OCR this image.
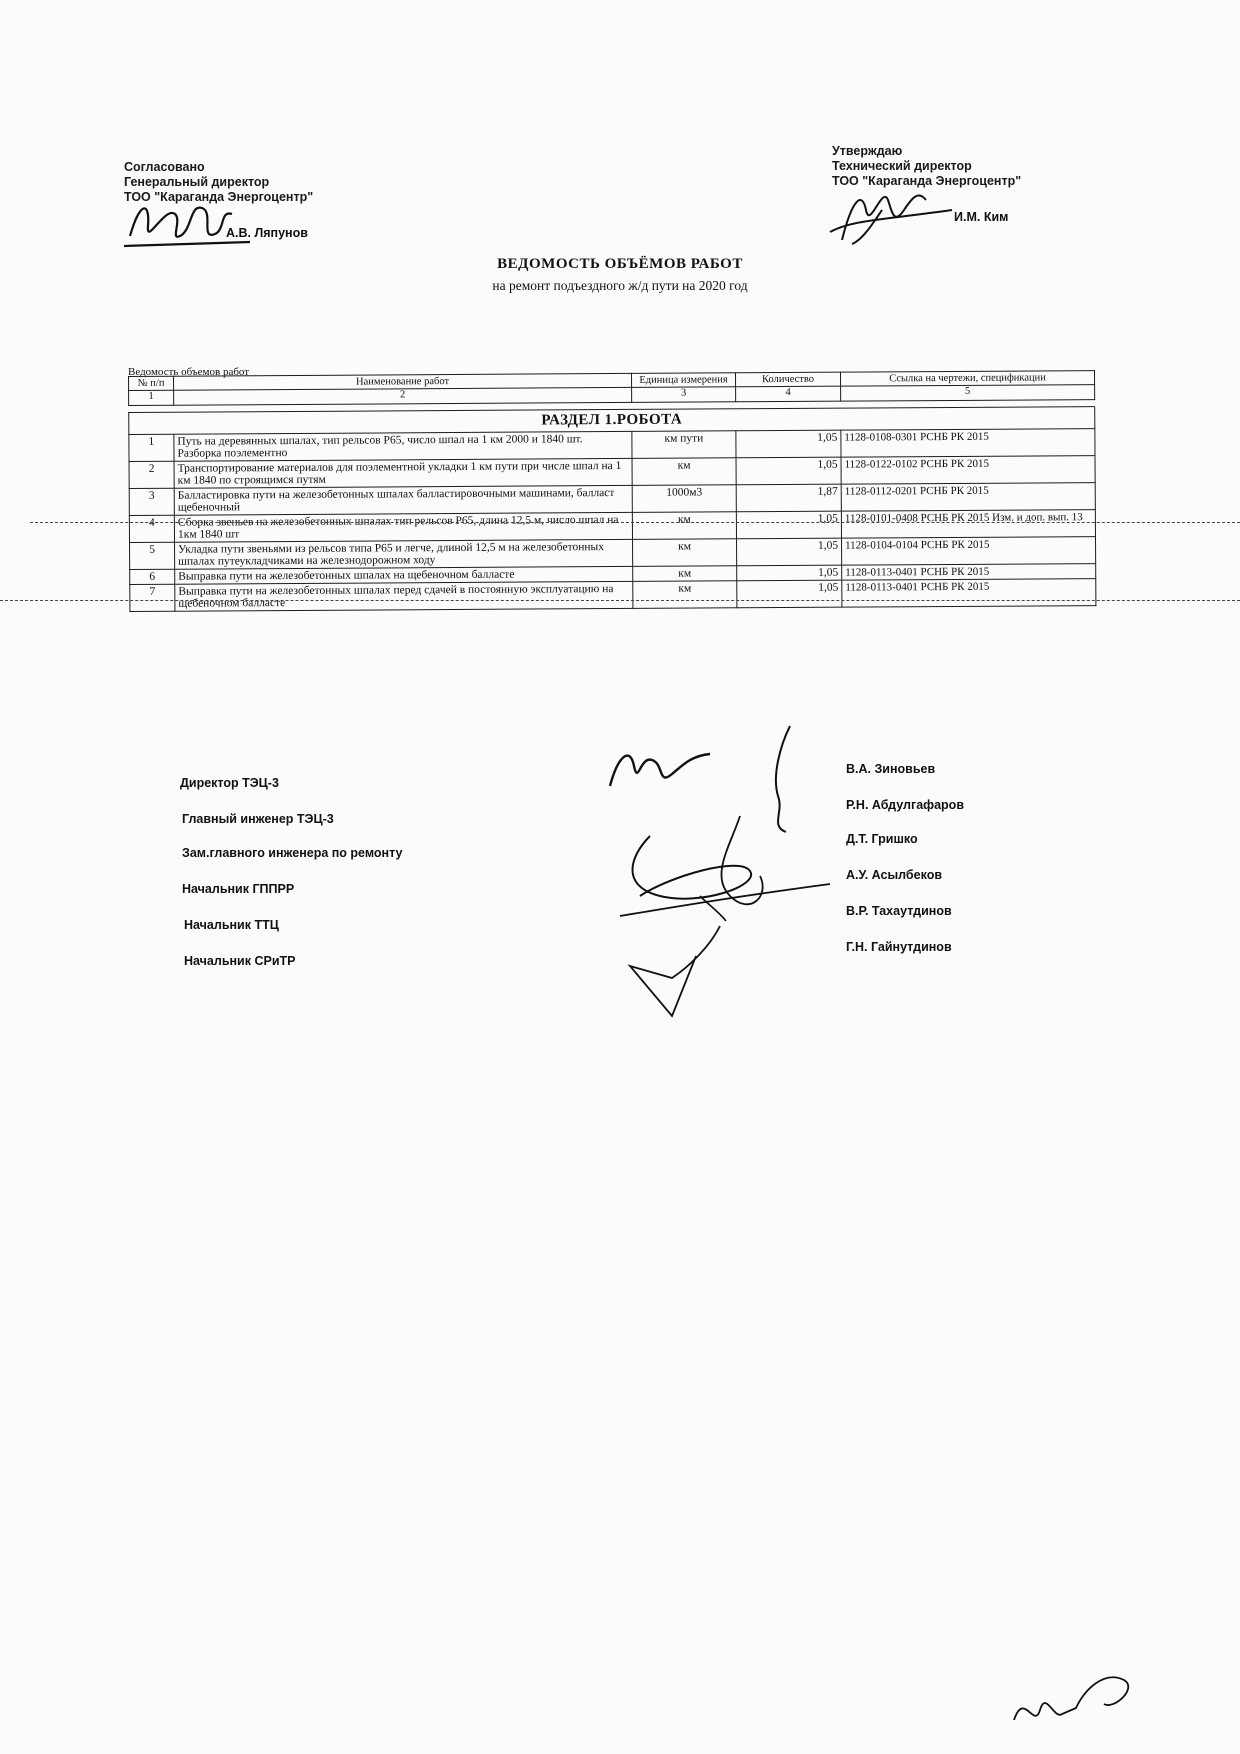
Согласовано
Генеральный директор
ТОО "Караганда Энергоцентр"
А.В. Ляпунов
Утверждаю
Технический директор
ТОО "Караганда Энергоцентр"
И.М. Ким
ВЕДОМОСТЬ ОБЪЁМОВ РАБОТ
на ремонт подъездного ж/д пути на 2020 год
Ведомость объемов работ
№ п/п	Наименование работ	Единица измерения	Количество	Ссылка на чертежи, спецификации
1	2	3	4	5

РАЗДЕЛ 1.РОБОТА				
1	Путь на деревянных шпалах, тип рельсов Р65, число шпал на 1 км 2000 и 1840 шт. Разборка поэлементно	км пути	1,05	1128-0108-0301 РСНБ РК 2015
2	Транспортирование материалов для поэлементной укладки 1 км пути при числе шпал на 1 км 1840 по строящимся путям	км	1,05	1128-0122-0102 РСНБ РК 2015
3	Балластировка пути на железобетонных шпалах балластировочными машинами, балласт щебеночный	1000м3	1,87	1128-0112-0201 РСНБ РК 2015
4	Сборка звеньев на железобетонных шпалах тип рельсов Р65, длина 12,5 м, число шпал на 1км 1840 шт	км	1,05	1128-0101-0408 РСНБ РК 2015 Изм. и доп. вып. 13
5	Укладка пути звеньями из рельсов типа Р65 и легче, длиной 12,5 м на железобетонных шпалах путеукладчиками на железнодорожном ходу	км	1,05	1128-0104-0104 РСНБ РК 2015
6	Выправка пути на железобетонных шпалах на щебеночном балласте	км	1,05	1128-0113-0401 РСНБ РК 2015
7	Выправка пути на железобетонных шпалах перед сдачей в постоянную эксплуатацию на щебеночном балласте	км	1,05	1128-0113-0401 РСНБ РК 2015
Директор ТЭЦ-3
Главный инженер ТЭЦ-3
Зам.главного инженера по ремонту
Начальник ГППРР
Начальник ТТЦ
Начальник СРиТР
В.А. Зиновьев
Р.Н. Абдулгафаров
Д.Т. Гришко
А.У. Асылбеков
В.Р. Тахаутдинов
Г.Н. Гайнутдинов
